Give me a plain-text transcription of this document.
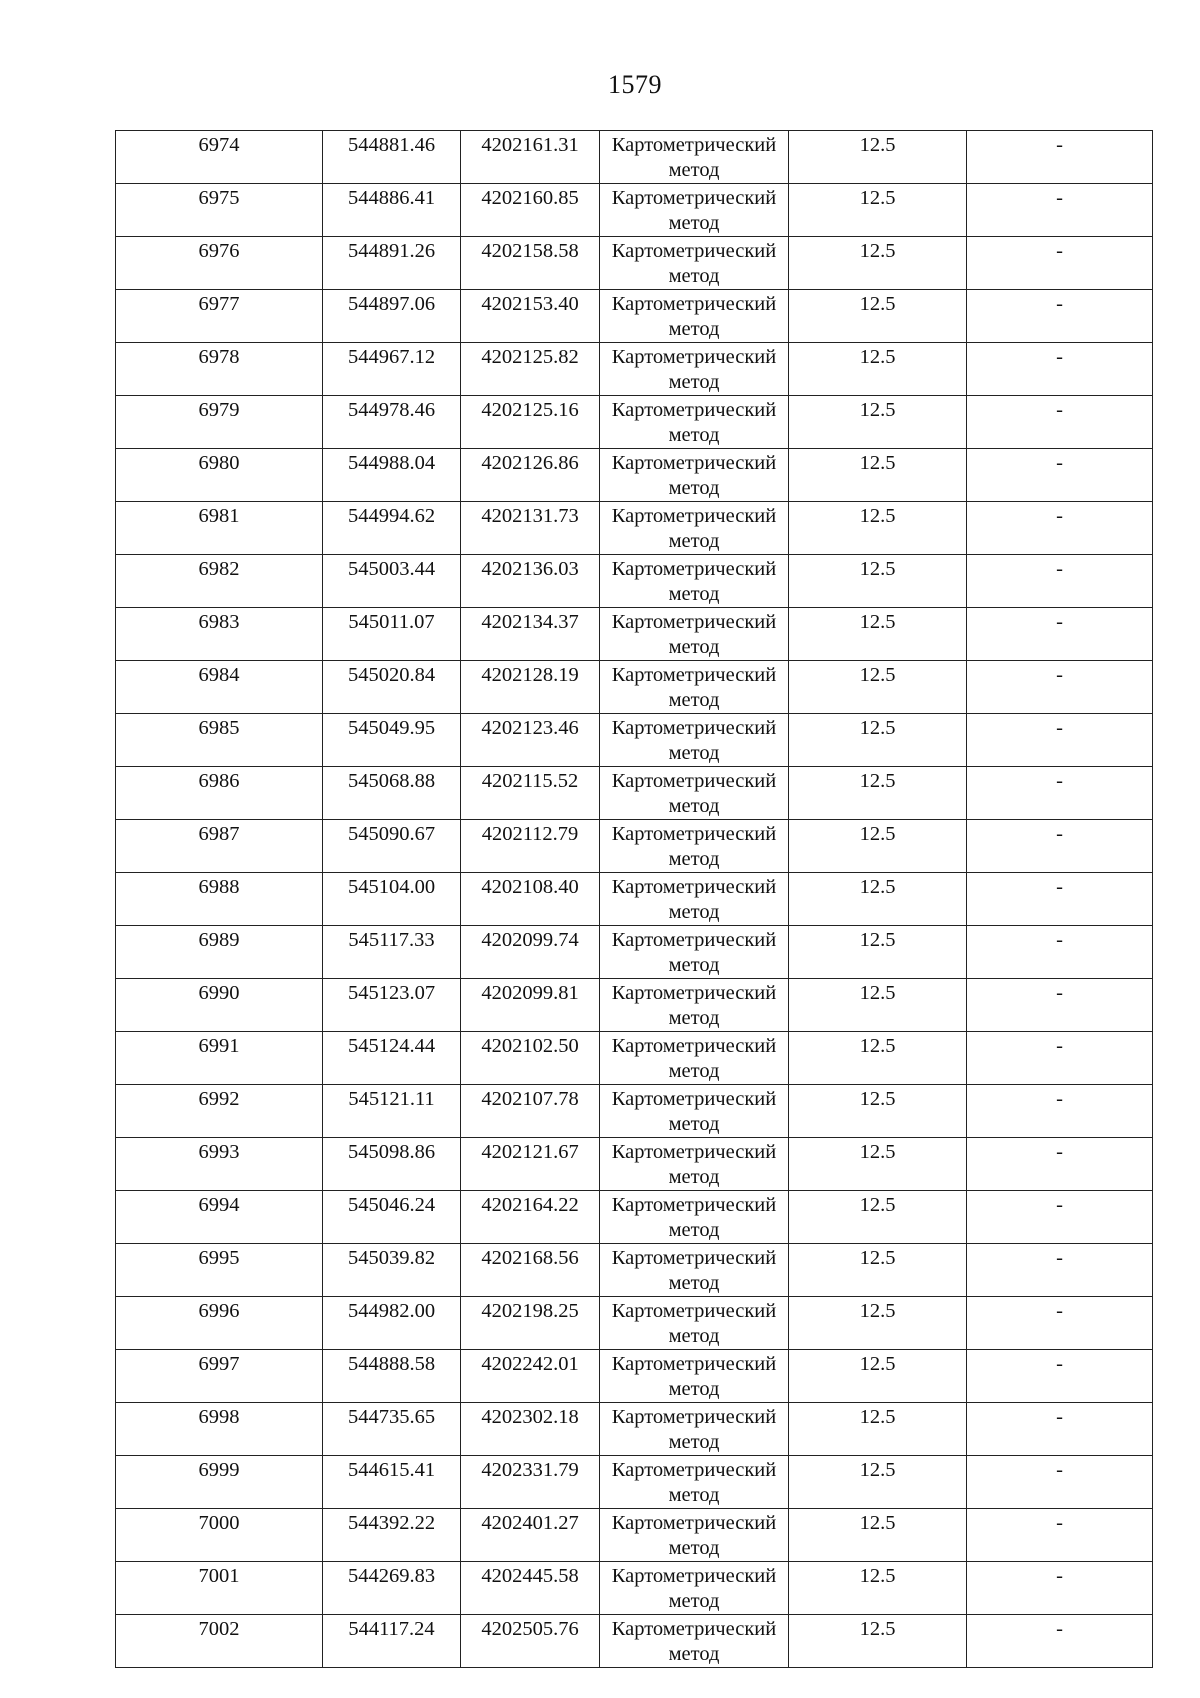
1579
6974	544881.46	4202161.31	Картометрический
метод	12.5	-

6975	544886.41	4202160.85	Картометрический
метод	12.5	-

6976	544891.26	4202158.58	Картометрический
метод	12.5	-

6977	544897.06	4202153.40	Картометрический
метод	12.5	-

6978	544967.12	4202125.82	Картометрический
метод	12.5	-

6979	544978.46	4202125.16	Картометрический
метод	12.5	-

6980	544988.04	4202126.86	Картометрический
метод	12.5	-

6981	544994.62	4202131.73	Картометрический
метод	12.5	-

6982	545003.44	4202136.03	Картометрический
метод	12.5	-

6983	545011.07	4202134.37	Картометрический
метод	12.5	-

6984	545020.84	4202128.19	Картометрический
метод	12.5	-

6985	545049.95	4202123.46	Картометрический
метод	12.5	-

6986	545068.88	4202115.52	Картометрический
метод	12.5	-

6987	545090.67	4202112.79	Картометрический
метод	12.5	-

6988	545104.00	4202108.40	Картометрический
метод	12.5	-

6989	545117.33	4202099.74	Картометрический
метод	12.5	-

6990	545123.07	4202099.81	Картометрический
метод	12.5	-

6991	545124.44	4202102.50	Картометрический
метод	12.5	-

6992	545121.11	4202107.78	Картометрический
метод	12.5	-

6993	545098.86	4202121.67	Картометрический
метод	12.5	-

6994	545046.24	4202164.22	Картометрический
метод	12.5	-

6995	545039.82	4202168.56	Картометрический
метод	12.5	-

6996	544982.00	4202198.25	Картометрический
метод	12.5	-

6997	544888.58	4202242.01	Картометрический
метод	12.5	-

6998	544735.65	4202302.18	Картометрический
метод	12.5	-

6999	544615.41	4202331.79	Картометрический
метод	12.5	-

7000	544392.22	4202401.27	Картометрический
метод	12.5	-

7001	544269.83	4202445.58	Картометрический
метод	12.5	-

7002	544117.24	4202505.76	Картометрический
метод	12.5	-
